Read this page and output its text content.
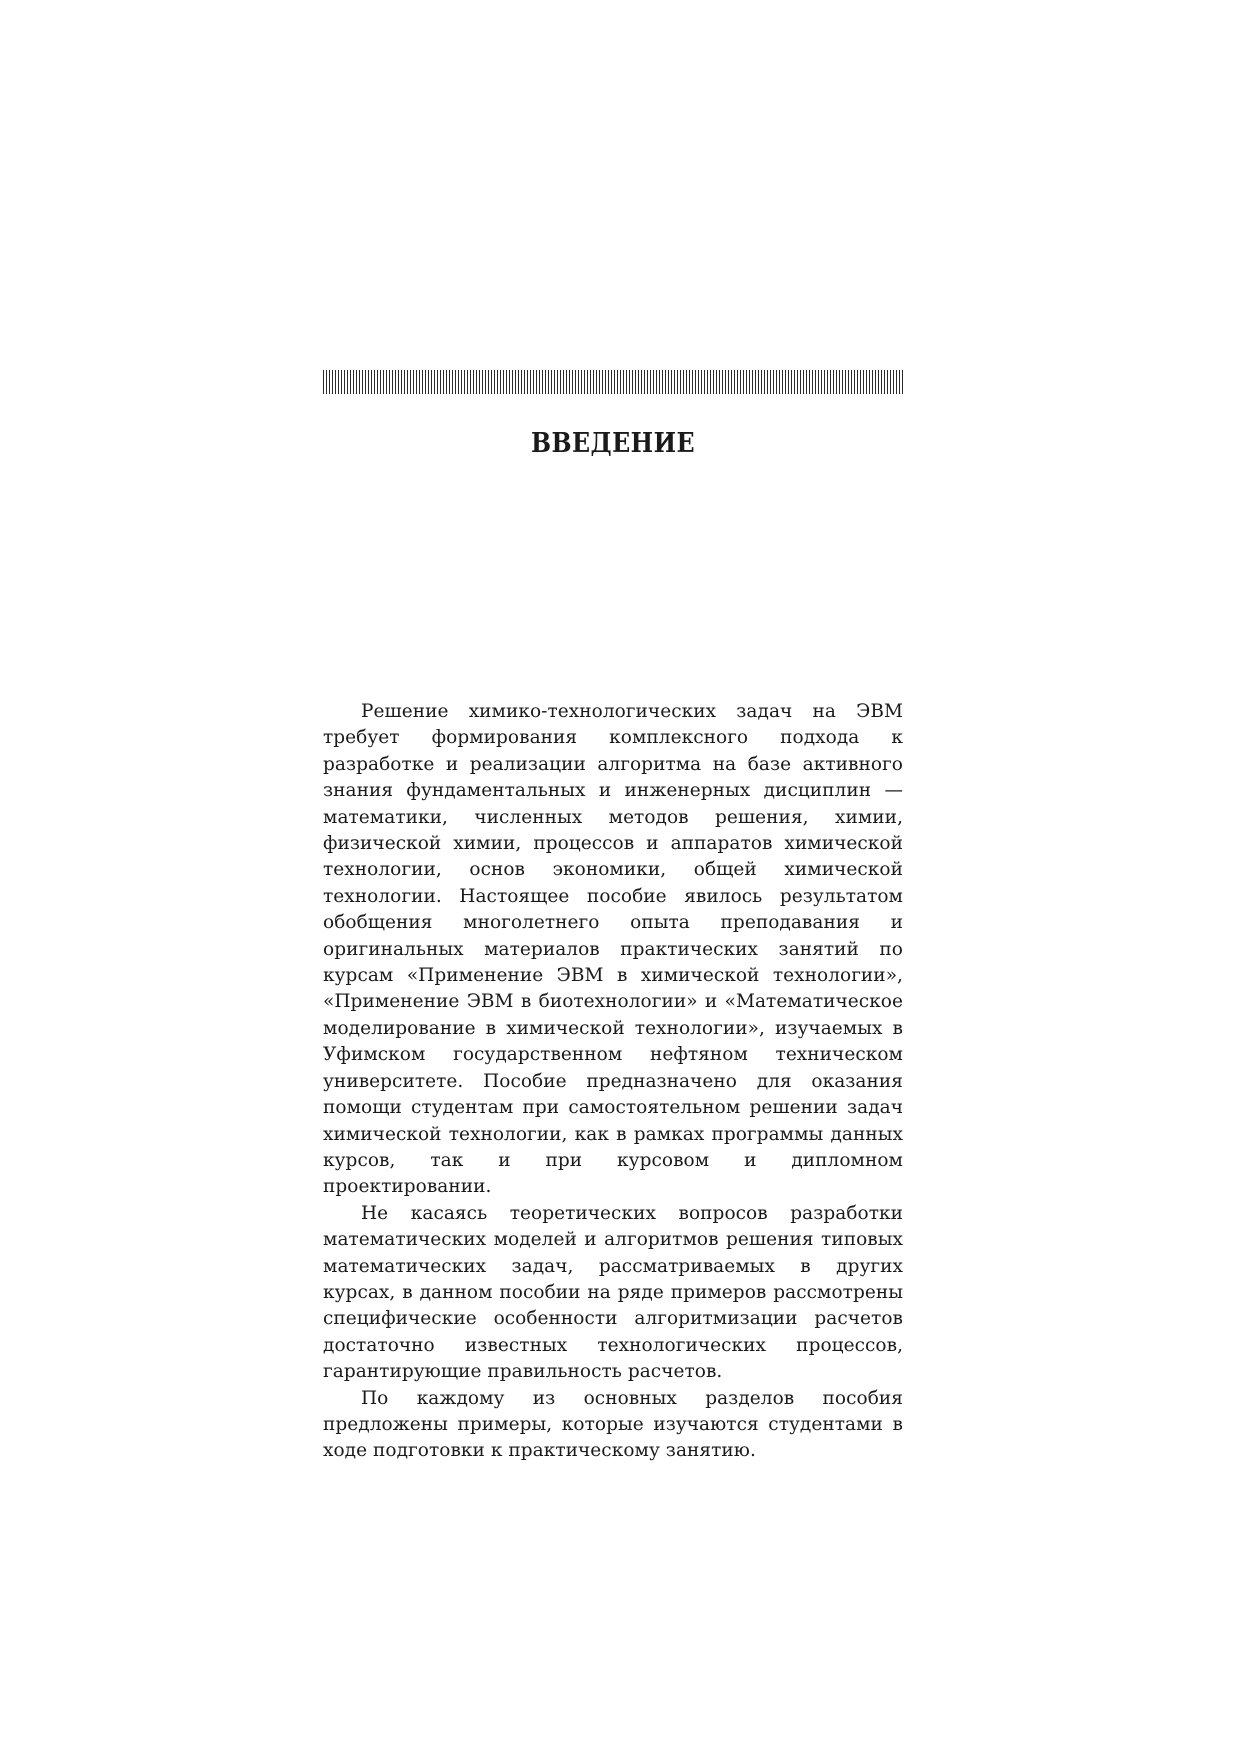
ВВЕДЕНИЕ

Решение химико-технологических задач на ЭВМ требует формирования комплексного подхода к разработке и реализации алгоритма на базе активного знания фундаментальных и инженерных дисциплин — математики, численных методов решения, химии, физической химии, процессов и аппаратов химической технологии, основ экономики, общей химической технологии. Настоящее пособие явилось результатом обобщения многолетнего опыта преподавания и оригинальных материалов практических занятий по курсам «Применение ЭВМ в химической технологии», «Применение ЭВМ в биотехнологии» и «Математическое моделирование в химической технологии», изучаемых в Уфимском государственном нефтяном техническом университете. Пособие предназначено для оказания помощи студентам при самостоятельном решении задач химической технологии, как в рамках программы данных курсов, так и при курсовом и дипломном проектировании.

Не касаясь теоретических вопросов разработки математических моделей и алгоритмов решения типовых математических задач, рассматриваемых в других курсах, в данном пособии на ряде примеров рассмотрены специфические особенности алгоритмизации расчетов достаточно известных технологических процессов, гарантирующие правильность расчетов.

По каждому из основных разделов пособия предложены примеры, которые изучаются студентами в ходе подготовки к практическому занятию.
